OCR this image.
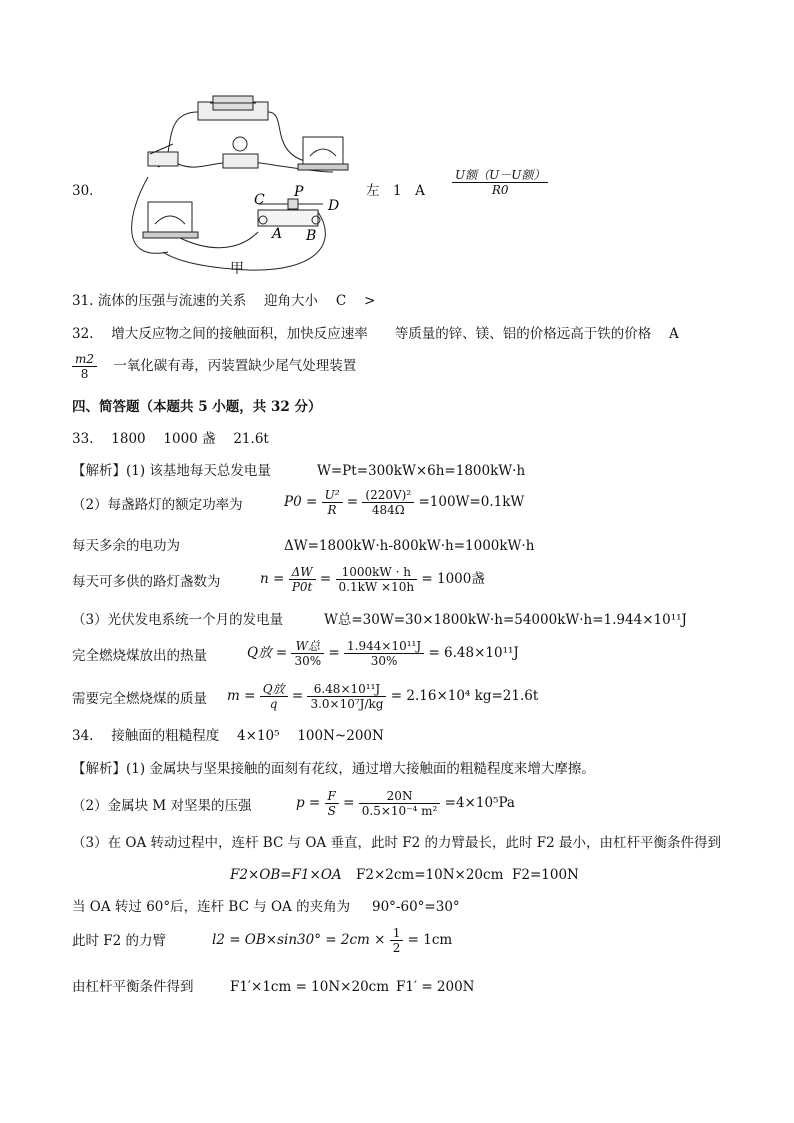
30．
C P
D
A B
甲
左　1　A $\frac{\text{U额（U－U额）}}{R0}$
31. 流体的压强与流速的关系　 迎角大小　 C　 >
32.　 增大反应物之间的接触面积，加快反应速率　　等质量的锌、镁、铝的价格远高于铁的价格　 A
$\frac{m2}{8}$ 一氧化碳有毒，丙装置缺少尾气处理装置
四、简答题（本题共 5 小题，共 32 分）
33.　 1800　 1000 盏　 21.6t
【解析】(1) 该基地每天总发电量	W=Pt=300kW×6h=1800kW·h
（2）每盏路灯的额定功率为	$P0 = \frac{\text{U²}}{R} = \frac{\text{(220V)²}}{484\Omega} =100W=0.1kW$
每天多余的电功为	ΔW=1800kW·h-800kW·h=1000kW·h
每天可多供的路灯盏数为	$n = \frac{\Delta W}{P0t} = \frac{1000kW \cdot h}{0.1kW \times 10h} = 1000$盏
（3）光伏发电系统一个月的发电量	W总=30W=30×1800kW·h=54000kW·h=1.944×10¹¹J
完全燃烧煤放出的热量	Q放 = $\frac{\text{W总}}{30\%} = \frac{\text{1.944×10¹¹J}}{30\%} = 6.48\times 10^{11}J$
需要完全燃烧煤的质量 $m = \frac{\text{Q放}}{q} = \frac{\text{6.48×10¹¹J}}{\text{3.0×10⁷J/kg}} = 2.16\times 10^4$ kg=21.6t
34.　 接触面的粗糙程度　 4×10⁵　 100N~200N
【解析】(1) 金属块与坚果接触的面刻有花纹，通过增大接触面的粗糙程度来增大摩擦。
（2）金属块 M 对坚果的压强	$p = \frac{F}{S} = \frac{20N}{\text{0.5×10⁻⁴ m²}} =4\times 10^5Pa$
（3）在 OA 转动过程中，连杆 BC 与 OA 垂直，此时 F2 的力臂最长，此时 F2 最小，由杠杆平衡条件得到
F2×OB=F1×OA F2×2cm=10N×20cm F2=100N
当 OA 转过 60°后，连杆 BC 与 OA 的夹角为 90°-60°=30°
此时 F2 的力臂	$l2 = OB\times\sin 30^\circ = 2cm \times \frac{1}{2} = 1cm$
由杠杆平衡条件得到	F1′×1cm = 10N×20cm F1′ = 200N
